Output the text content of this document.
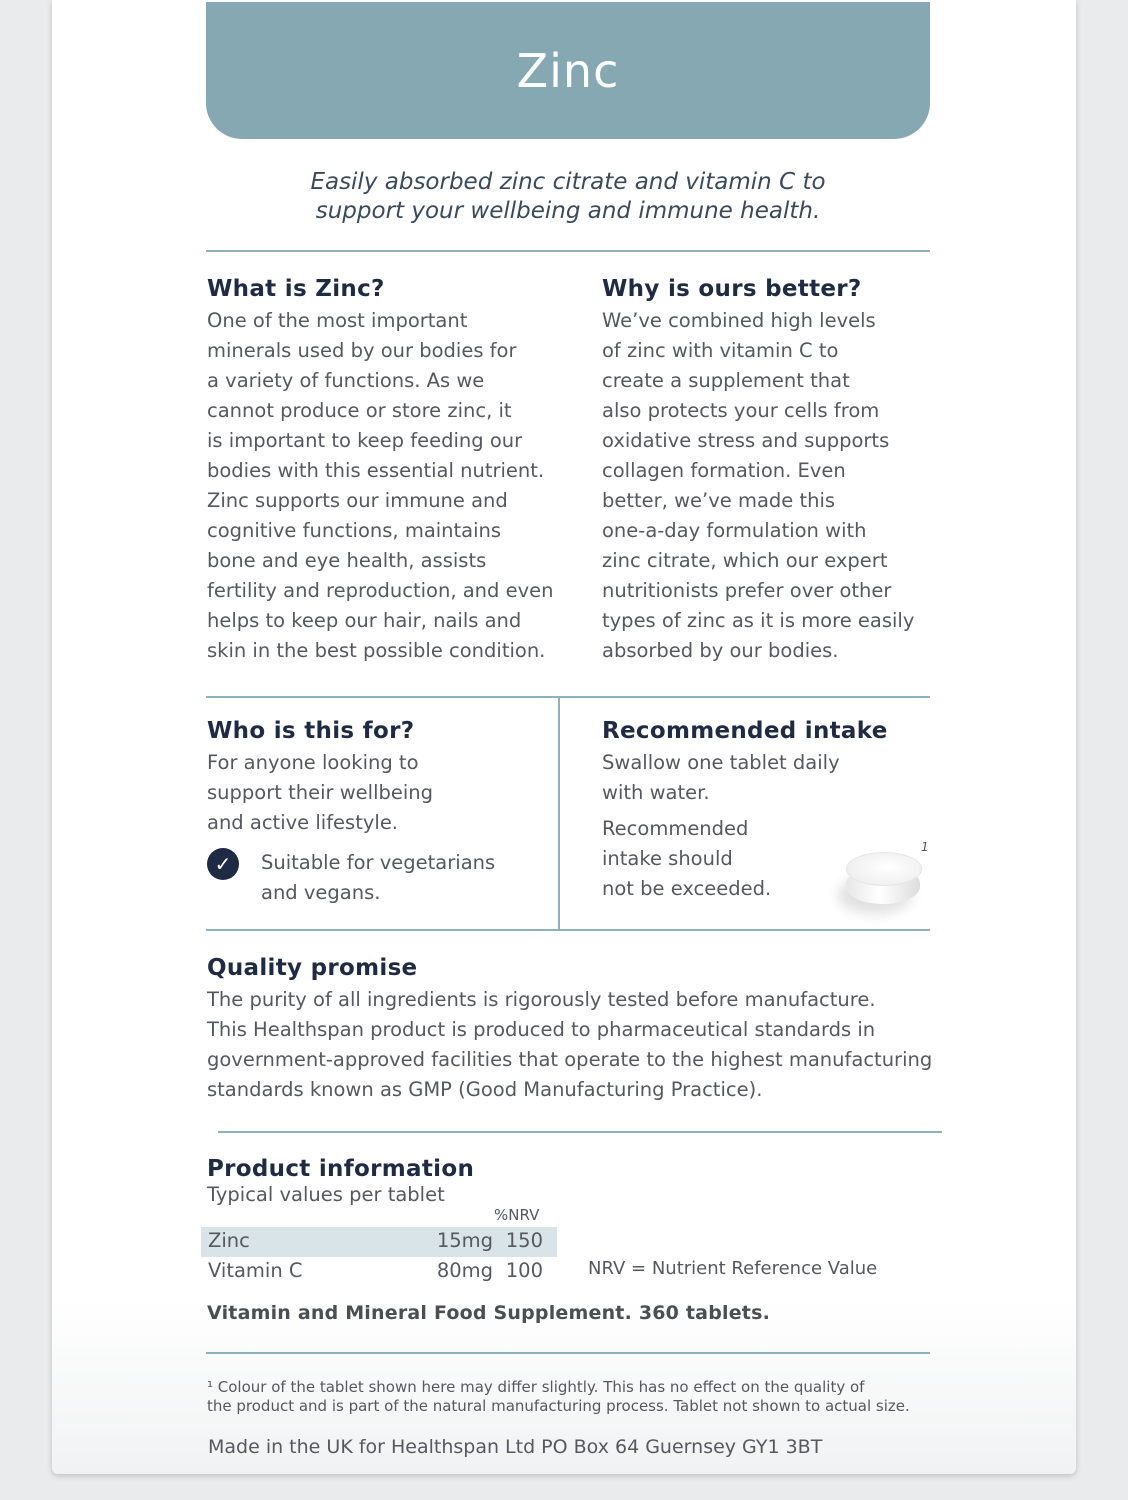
Zinc
Easily absorbed zinc citrate and vitamin C to
support your wellbeing and immune health.
What is Zinc?

One of the most important
minerals used by our bodies for
a variety of functions. As we
cannot produce or store zinc, it
is important to keep feeding our
bodies with this essential nutrient.
Zinc supports our immune and
cognitive functions, maintains
bone and eye health, assists
fertility and reproduction, and even
helps to keep our hair, nails and
skin in the best possible condition.

Why is ours better?

We’ve combined high levels
of zinc with vitamin C to
create a supplement that
also protects your cells from
oxidative stress and supports
collagen formation. Even
better, we’ve made this
one-a-day formulation with
zinc citrate, which our expert
nutritionists prefer over other
types of zinc as it is more easily
absorbed by our bodies.

Who is this for?

For anyone looking to
support their wellbeing
and active lifestyle.

✓	Suitable for vegetarians
and vegans.
Recommended intake

Swallow one tablet daily
with water.

Recommended
intake should
not be exceeded.

1
Quality promise

The purity of all ingredients is rigorously tested before manufacture.
This Healthspan product is produced to pharmaceutical standards in
government-approved facilities that operate to the highest manufacturing
standards known as GMP (Good Manufacturing Practice).

Product information

Typical values per tablet

%NRV
Zinc	15mg 150
Vitamin C	80mg 100	NRV = Nutrient Reference Value
Vitamin and Mineral Food Supplement. 360 tablets.
¹ Colour of the tablet shown here may differ slightly. This has no effect on the quality of
the product and is part of the natural manufacturing process. Tablet not shown to actual size.
Made in the UK for Healthspan Ltd PO Box 64 Guernsey GY1 3BT
